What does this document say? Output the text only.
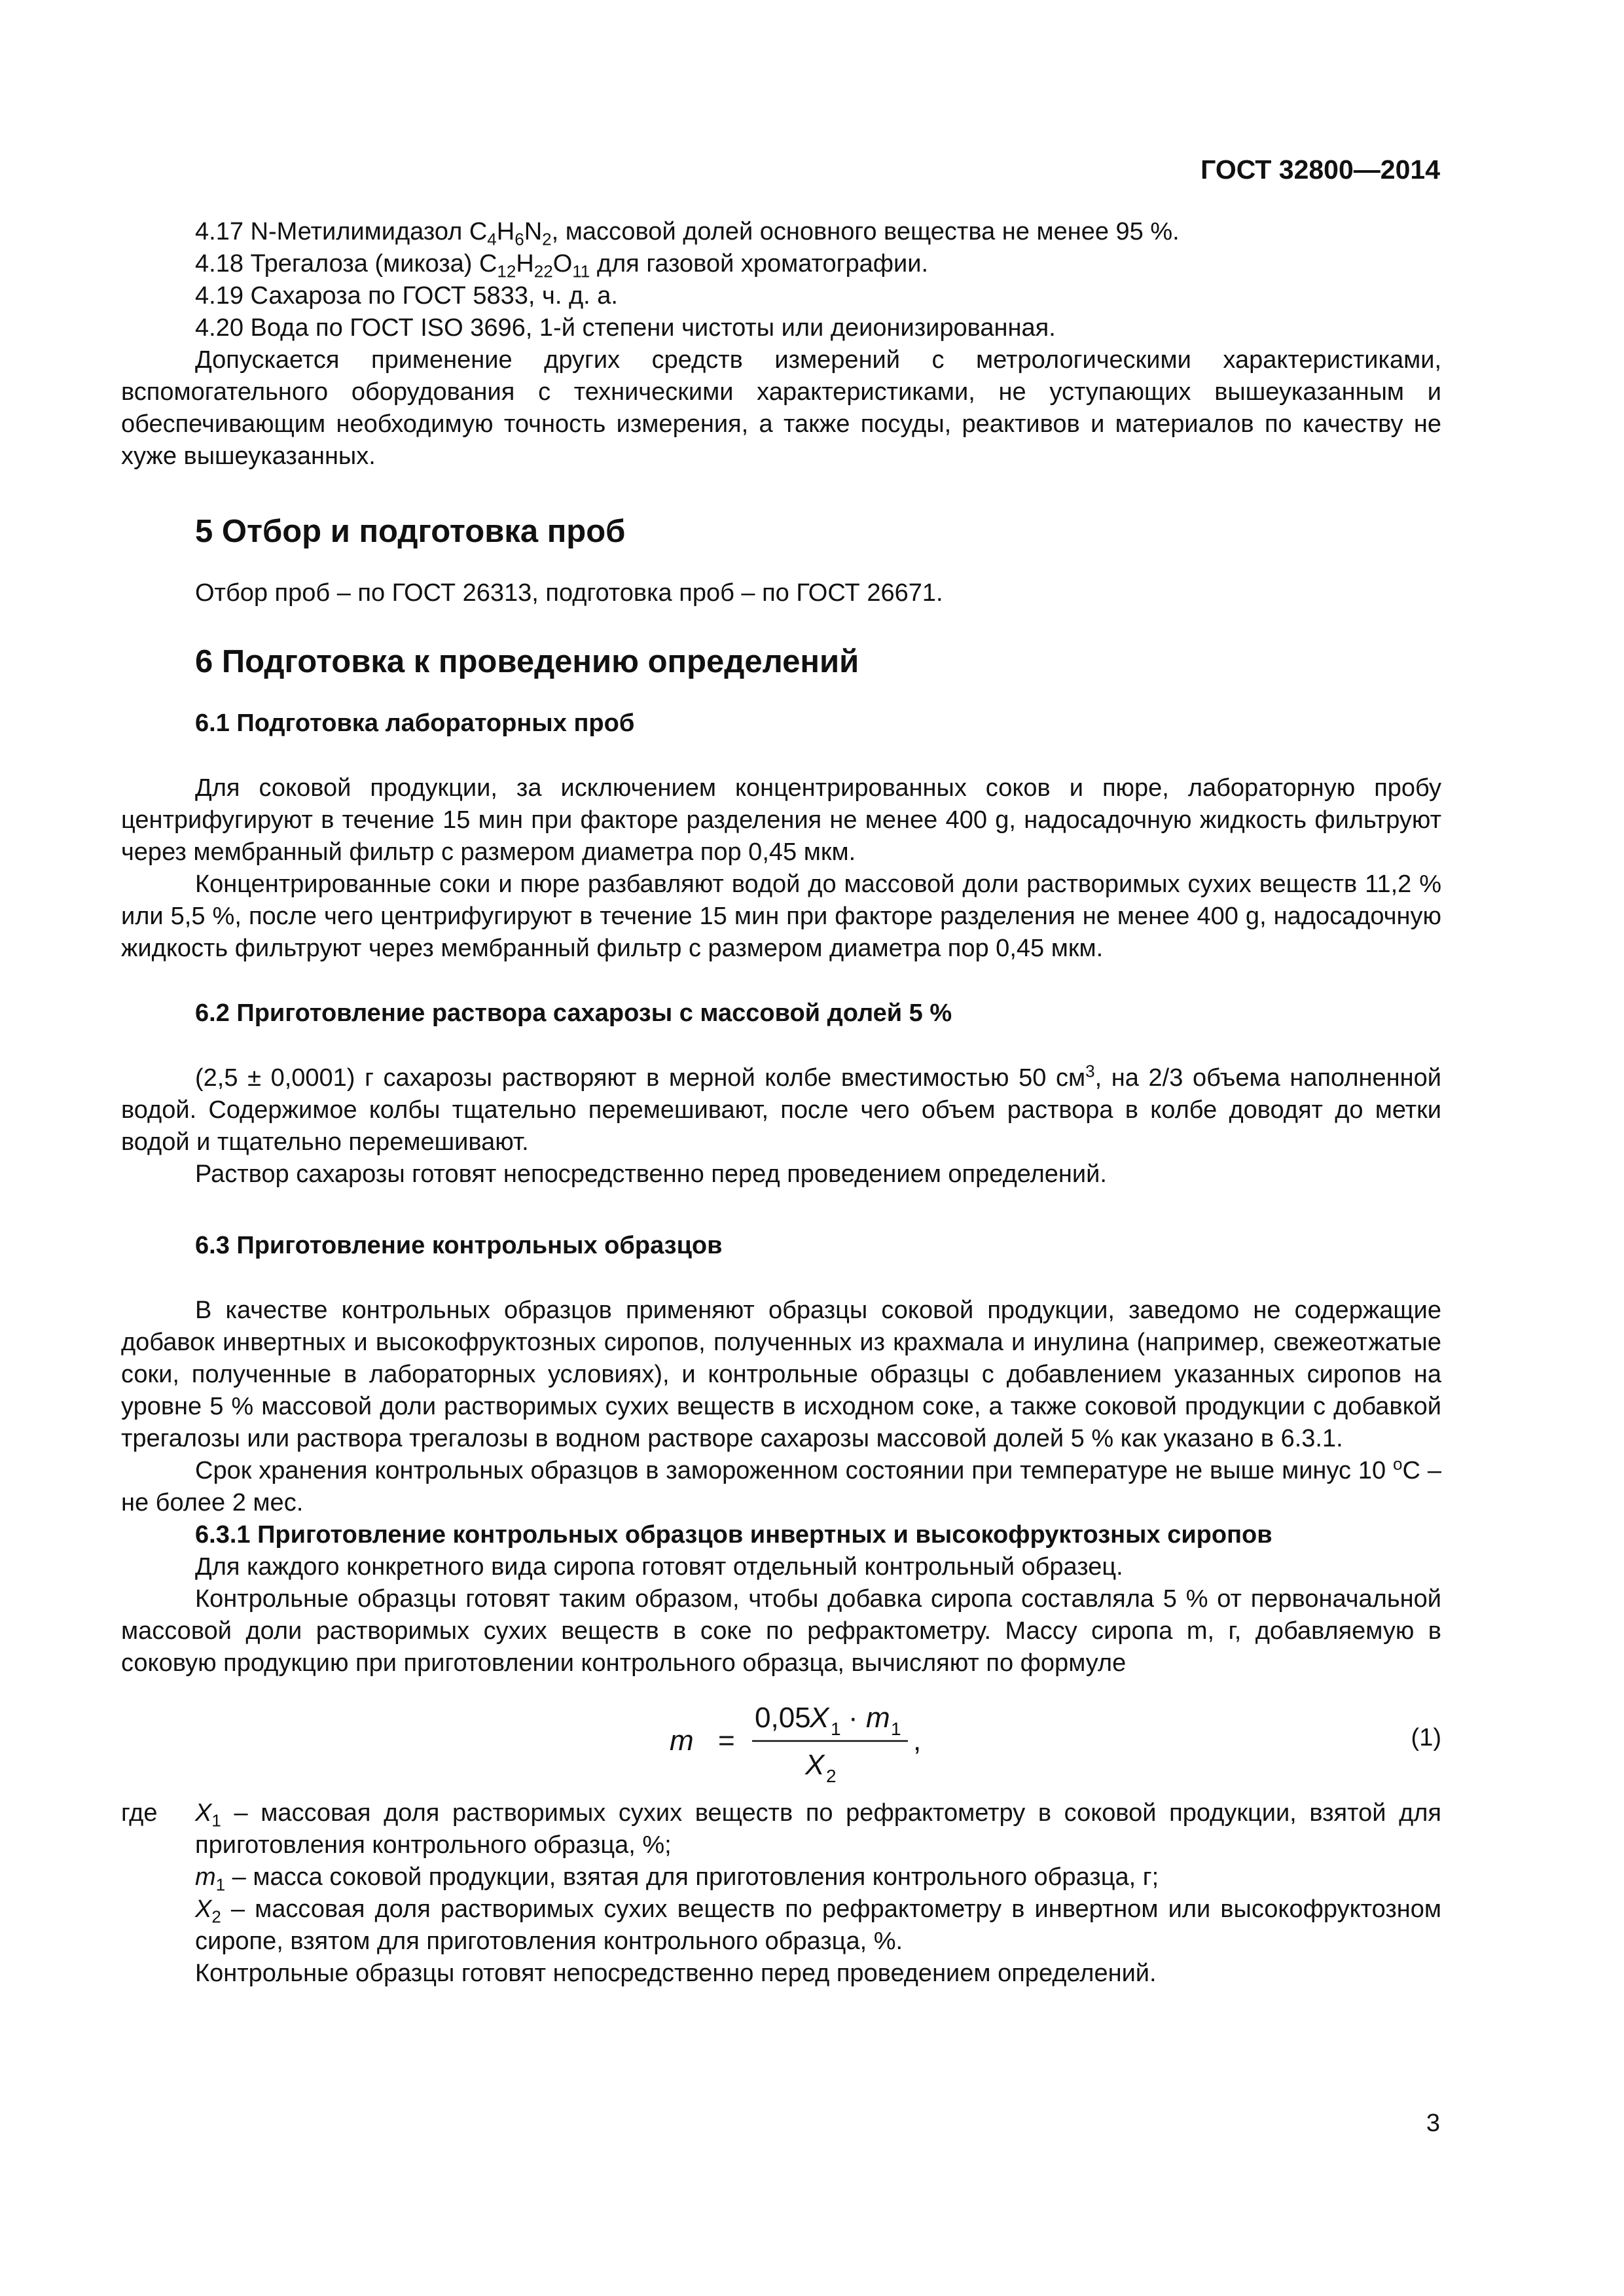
ГОСТ 32800—2014

4.17 N-Метилимидазол $C_4H_6N_2$, массовой долей основного вещества не менее 95 %.

4.18 Трегалоза (микоза) $C_{12}H_{22}O_{11}$ для газовой хроматографии.

4.19 Сахароза по ГОСТ 5833, ч. д. а.

4.20 Вода по ГОСТ ISO 3696, 1-й степени чистоты или деионизированная.

Допускается применение других средств измерений с метрологическими характеристиками, вспомогательного оборудования с техническими характеристиками, не уступающих вышеуказанным и обеспечивающим необходимую точность измерения, а также посуды, реактивов и материалов по качеству не хуже вышеуказанных.

5 Отбор и подготовка проб

Отбор проб – по ГОСТ 26313, подготовка проб – по ГОСТ 26671.

6 Подготовка к проведению определений
6.1 Подготовка лабораторных проб

Для соковой продукции, за исключением концентрированных соков и пюре, лабораторную пробу центрифугируют в течение 15 мин при факторе разделения не менее 400 g, надосадочную жидкость фильтруют через мембранный фильтр с размером диаметра пор 0,45 мкм.

Концентрированные соки и пюре разбавляют водой до массовой доли растворимых сухих веществ 11,2 % или 5,5 %, после чего центрифугируют в течение 15 мин при факторе разделения не менее 400 g, надосадочную жидкость фильтруют через мембранный фильтр с размером диаметра пор 0,45 мкм.

6.2 Приготовление раствора сахарозы с массовой долей 5 %

(2,5 ± 0,0001) г сахарозы растворяют в мерной колбе вместимостью 50 $см^3$, на 2/3 объема наполненной водой. Содержимое колбы тщательно перемешивают, после чего объем раствора в колбе доводят до метки водой и тщательно перемешивают.

Раствор сахарозы готовят непосредственно перед проведением определений.

6.3 Приготовление контрольных образцов

В качестве контрольных образцов применяют образцы соковой продукции, заведомо не содержащие добавок инвертных и высокофруктозных сиропов, полученных из крахмала и инулина (например, свежеотжатые соки, полученные в лабораторных условиях), и контрольные образцы с добавлением указанных сиропов на уровне 5 % массовой доли растворимых сухих веществ в исходном соке, а также соковой продукции с добавкой трегалозы или раствора трегалозы в водном растворе сахарозы массовой долей 5 % как указано в 6.3.1.

Срок хранения контрольных образцов в замороженном состоянии при температуре не выше минус 10 $^о$С – не более 2 мес.

6.3.1 Приготовление контрольных образцов инвертных и высокофруктозных сиропов

Для каждого конкретного вида сиропа готовят отдельный контрольный образец.

Контрольные образцы готовят таким образом, чтобы добавка сиропа составляла 5 % от первоначальной массовой доли растворимых сухих веществ в соке по рефрактометру. Массу сиропа m, г, добавляемую в соковую продукцию при приготовлении контрольного образца, вычисляют по формуле

m =
0,05
X 1 · m 1
X 2
,	(1)

где $X_1$ – массовая доля растворимых сухих веществ по рефрактометру в соковой продукции, взятой для приготовления контрольного образца, %;

$m_1$ – масса соковой продукции, взятая для приготовления контрольного образца, г;

$X_2$ – массовая доля растворимых сухих веществ по рефрактометру в инвертном или высокофруктозном сиропе, взятом для приготовления контрольного образца, %.

Контрольные образцы готовят непосредственно перед проведением определений.

3
